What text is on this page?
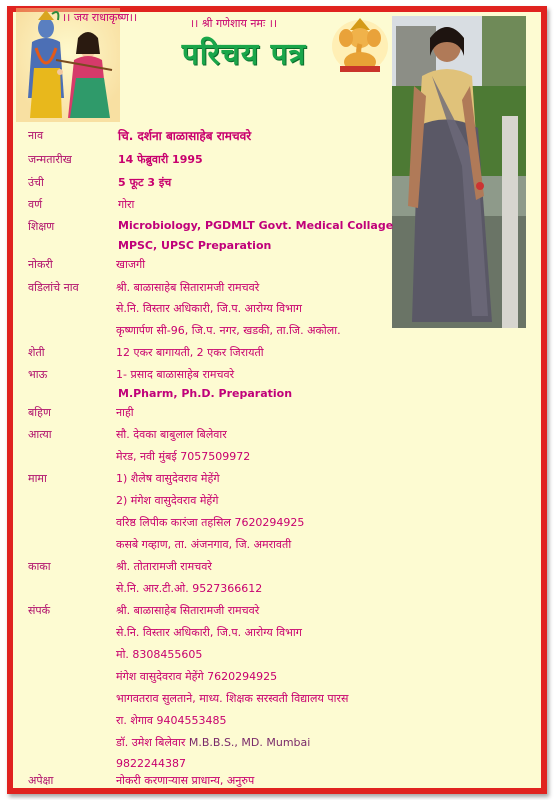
।। जय राधाकृष्ण।।	।। श्री गणेशाय नमः ।।
परिचय पत्र
नाव	चि. दर्शना बाळासाहेब रामचवरे
जन्मतारीख	14 फेब्रुवारी 1995
उंची	5 फूट 3 इंच
वर्ण	गोरा
शिक्षण	Microbiology, PGDMLT Govt. Medical Collage
MPSC, UPSC Preparation
नोकरी	खाजगी
वडिलांचे नाव	श्री. बाळासाहेब सितारामजी रामचवरे
से.नि. विस्तार अधिकारी, जि.प. आरोग्य विभाग
कृष्णार्पण सी-96, जि.प. नगर, खडकी, ता.जि. अकोला.
शेती	12 एकर बागायती, 2 एकर जिरायती
भाऊ	1- प्रसाद बाळासाहेब रामचवरे
M.Pharm, Ph.D. Preparation
बहिण	नाही
आत्या	सौ. देवका बाबुलाल बिलेवार
मेरड, नवी मुंबई 7057509972
मामा	1) शैलेष वासुदेवराव मेहेंगे
2) मंगेश वासुदेवराव मेहेंगे
वरिष्ठ लिपीक कारंजा तहसिल 7620294925
कसबे गव्हाण, ता. अंजनगाव, जि. अमरावती
काका	श्री. तोतारामजी रामचवरे
से.नि. आर.टी.ओ. 9527366612
संपर्क	श्री. बाळासाहेब सितारामजी रामचवरे
से.नि. विस्तार अधिकारी, जि.प. आरोग्य विभाग
मो. 8308455605
मंगेश वासुदेवराव मेहेंगे 7620294925
भागवतराव सुलताने, माध्य. शिक्षक सरस्वती विद्यालय पारस
रा. शेगाव 9404553485
डॉ. उमेश बिलेवार M.B.B.S., MD. Mumbai
9822244387
अपेक्षा	नोकरी करणाऱ्यास प्राधान्य, अनुरुप
